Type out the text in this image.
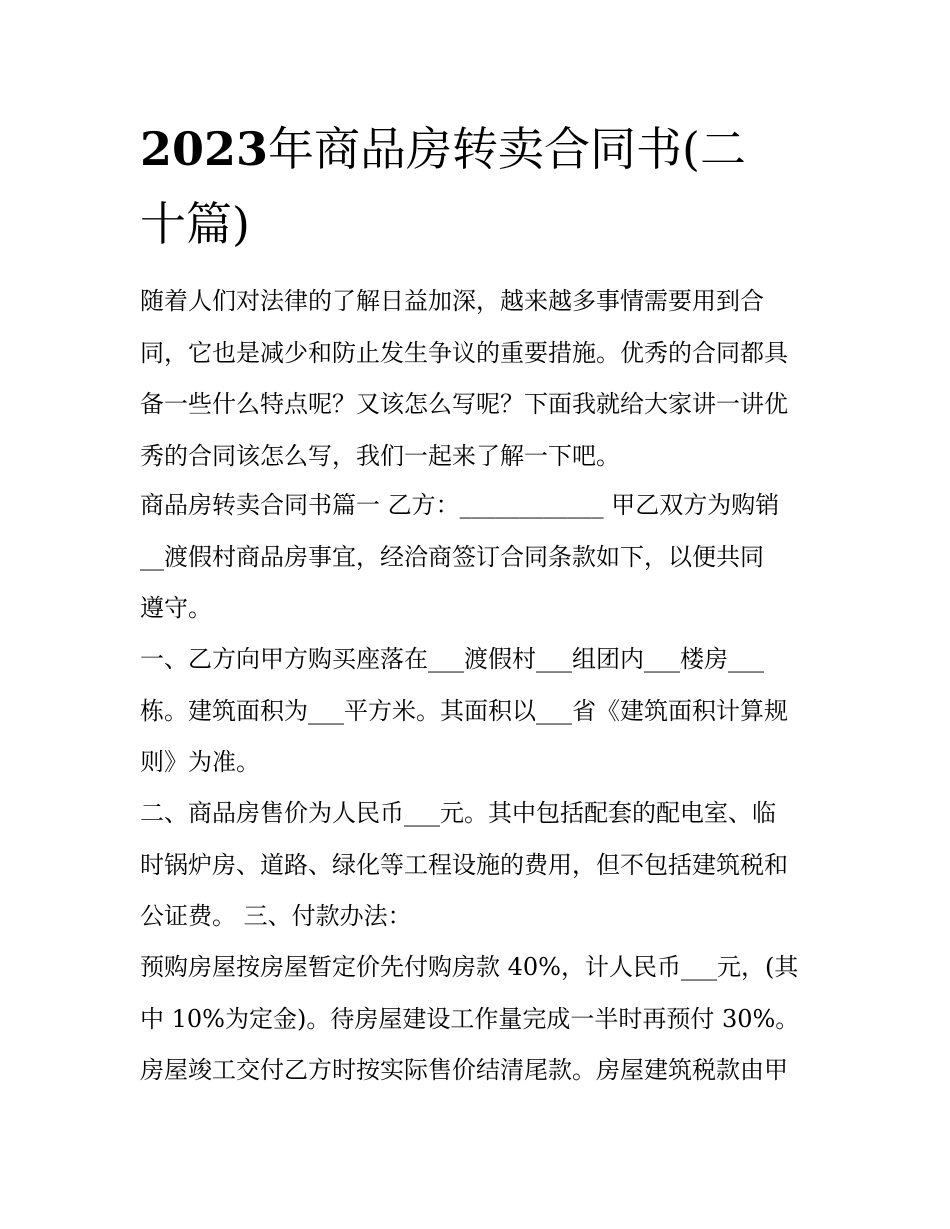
2023年商品房转卖合同书(二
十篇)

随着人们对法律的了解日益加深，越来越多事情需要用到合
同，它也是减少和防止发生争议的重要措施。优秀的合同都具
备一些什么特点呢？又该怎么写呢？下面我就给大家讲一讲优
秀的合同该怎么写，我们一起来了解一下吧。

商品房转卖合同书篇一 乙方：____________ 甲乙双方为购销
__渡假村商品房事宜，经洽商签订合同条款如下，以便共同
遵守。

一、乙方向甲方购买座落在___渡假村___组团内___楼房___
栋。建筑面积为___平方米。其面积以___省《建筑面积计算规
则》为准。

二、商品房售价为人民币___元。其中包括配套的配电室、临
时锅炉房、道路、绿化等工程设施的费用，但不包括建筑税和
公证费。 三、付款办法：

预购房屋按房屋暂定价先付购房款 40%，计人民币___元，(其
中 10%为定金)。待房屋建设工作量完成一半时再预付 30%。
房屋竣工交付乙方时按实际售价结清尾款。房屋建筑税款由甲
